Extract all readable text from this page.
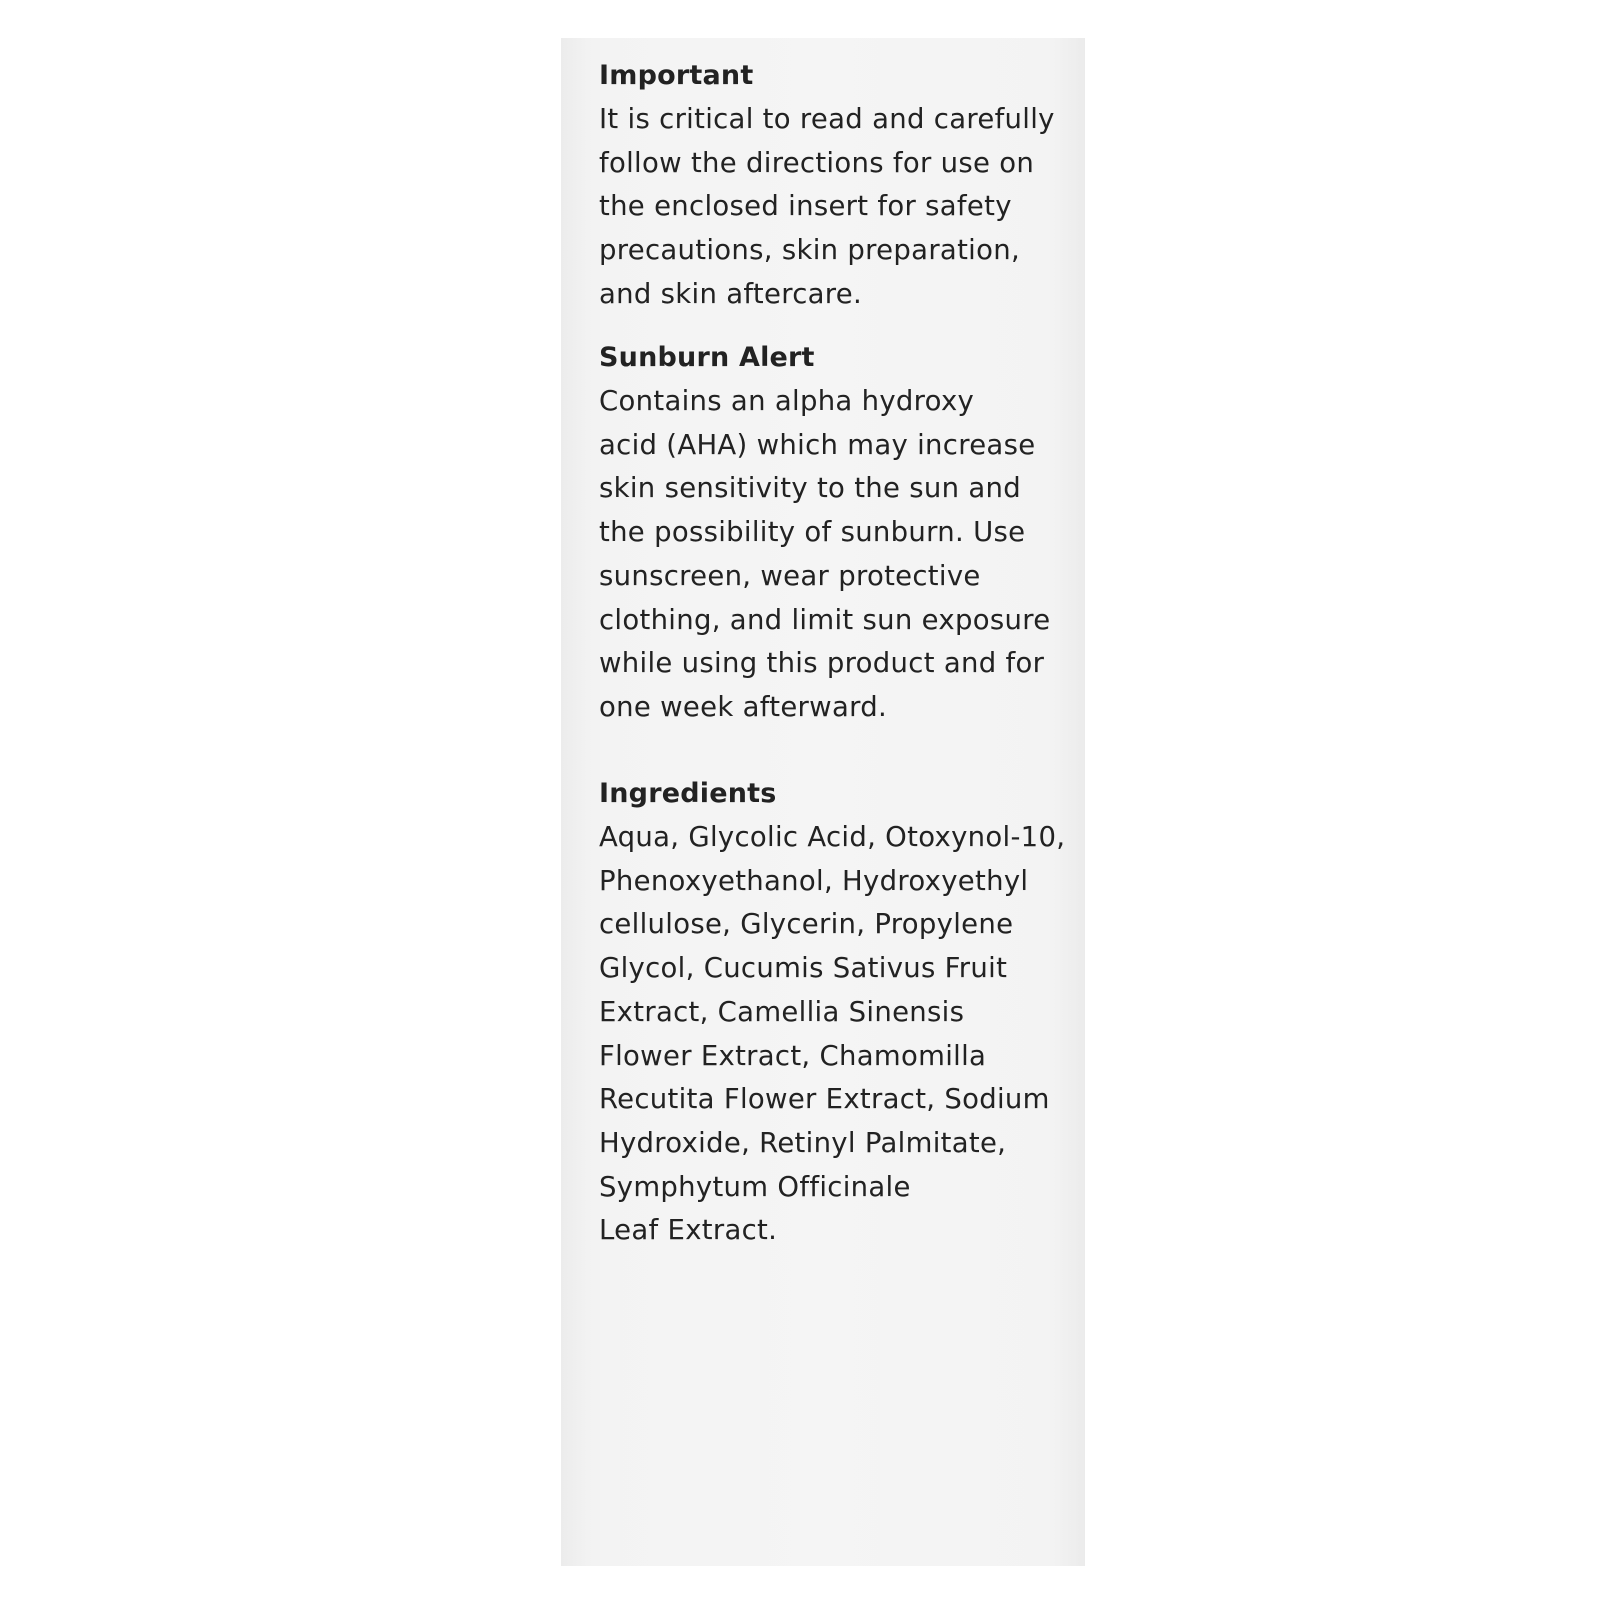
Important

It is critical to read and carefully

follow the directions for use on

the enclosed insert for safety

precautions, skin preparation,

and skin aftercare.

Sunburn Alert

Contains an alpha hydroxy

acid (AHA) which may increase

skin sensitivity to the sun and

the possibility of sunburn. Use

sunscreen, wear protective

clothing, and limit sun exposure

while using this product and for

one week afterward.

Ingredients

Aqua, Glycolic Acid, Otoxynol-10,

Phenoxyethanol, Hydroxyethyl

cellulose, Glycerin, Propylene

Glycol, Cucumis Sativus Fruit

Extract, Camellia Sinensis

Flower Extract, Chamomilla

Recutita Flower Extract, Sodium

Hydroxide, Retinyl Palmitate,

Symphytum Officinale

Leaf Extract.
